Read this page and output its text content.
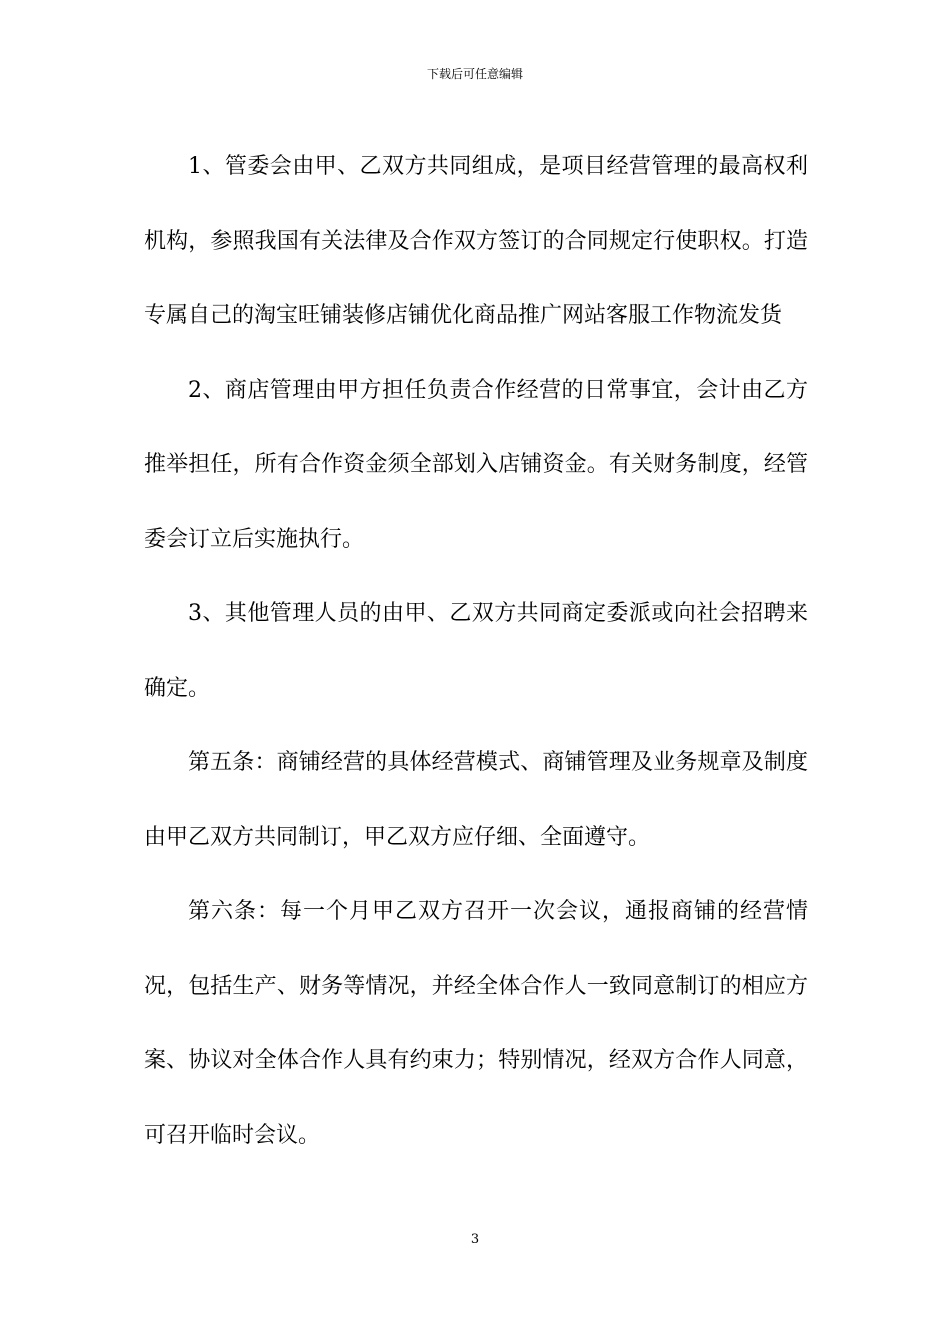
下载后可任意编辑

1、管委会由甲、乙双方共同组成，是项目经营管理的最高权利机构，参照我国有关法律及合作双方签订的合同规定行使职权。打造专属自己的淘宝旺铺装修店铺优化商品推广网站客服工作物流发货

2、商店管理由甲方担任负责合作经营的日常事宜，会计由乙方推举担任，所有合作资金须全部划入店铺资金。有关财务制度，经管委会订立后实施执行。

3、其他管理人员的由甲、乙双方共同商定委派或向社会招聘来确定。

第五条：商铺经营的具体经营模式、商铺管理及业务规章及制度由甲乙双方共同制订，甲乙双方应仔细、全面遵守。

第六条：每一个月甲乙双方召开一次会议，通报商铺的经营情况，包括生产、财务等情况，并经全体合作人一致同意制订的相应方案、协议对全体合作人具有约束力；特别情况，经双方合作人同意，可召开临时会议。

3
